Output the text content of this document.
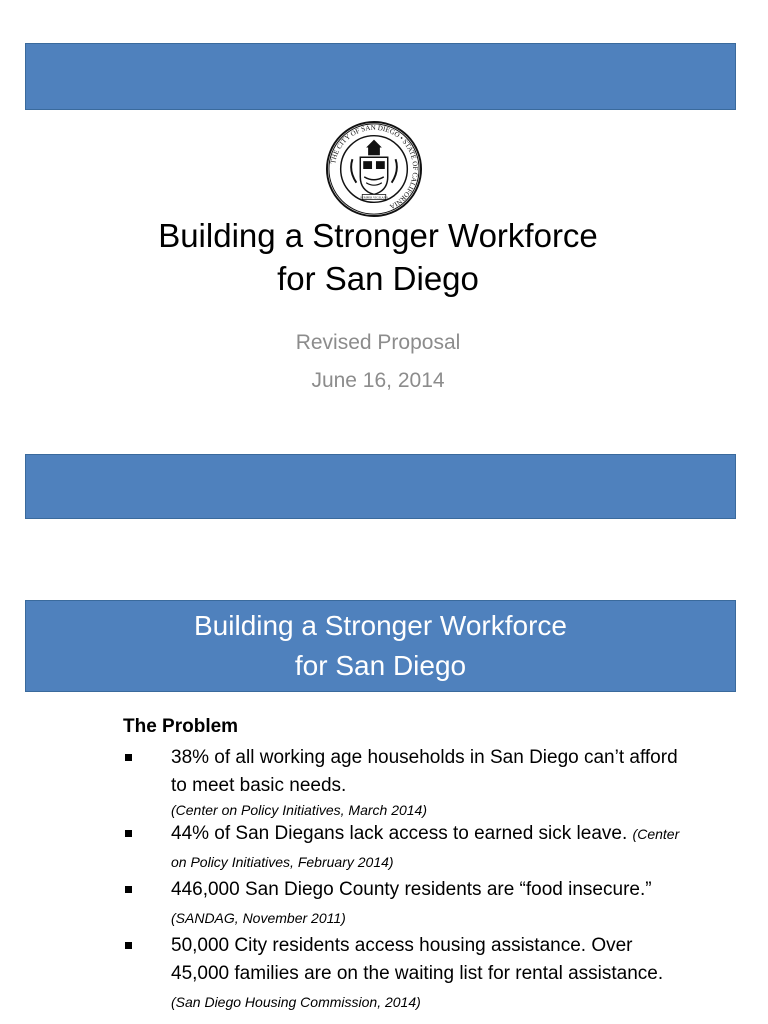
THE CITY OF SAN DIEGO • STATE OF CALIFORNIA
SEMPER VIGILANS
Building a Stronger Workforce
for San Diego
Revised Proposal
June 16, 2014
Building a Stronger Workforce
for San Diego
The Problem
38% of all working age households in San Diego can’t afford to meet basic needs.
(Center on Policy Initiatives, March 2014)
44% of San Diegans lack access to earned sick leave. (Center on Policy Initiatives, February 2014)
446,000 San Diego County residents are “food insecure.” (SANDAG, November 2011)
50,000 City residents access housing assistance. Over 45,000 families are on the waiting list for rental assistance. (San Diego Housing Commission, 2014)
